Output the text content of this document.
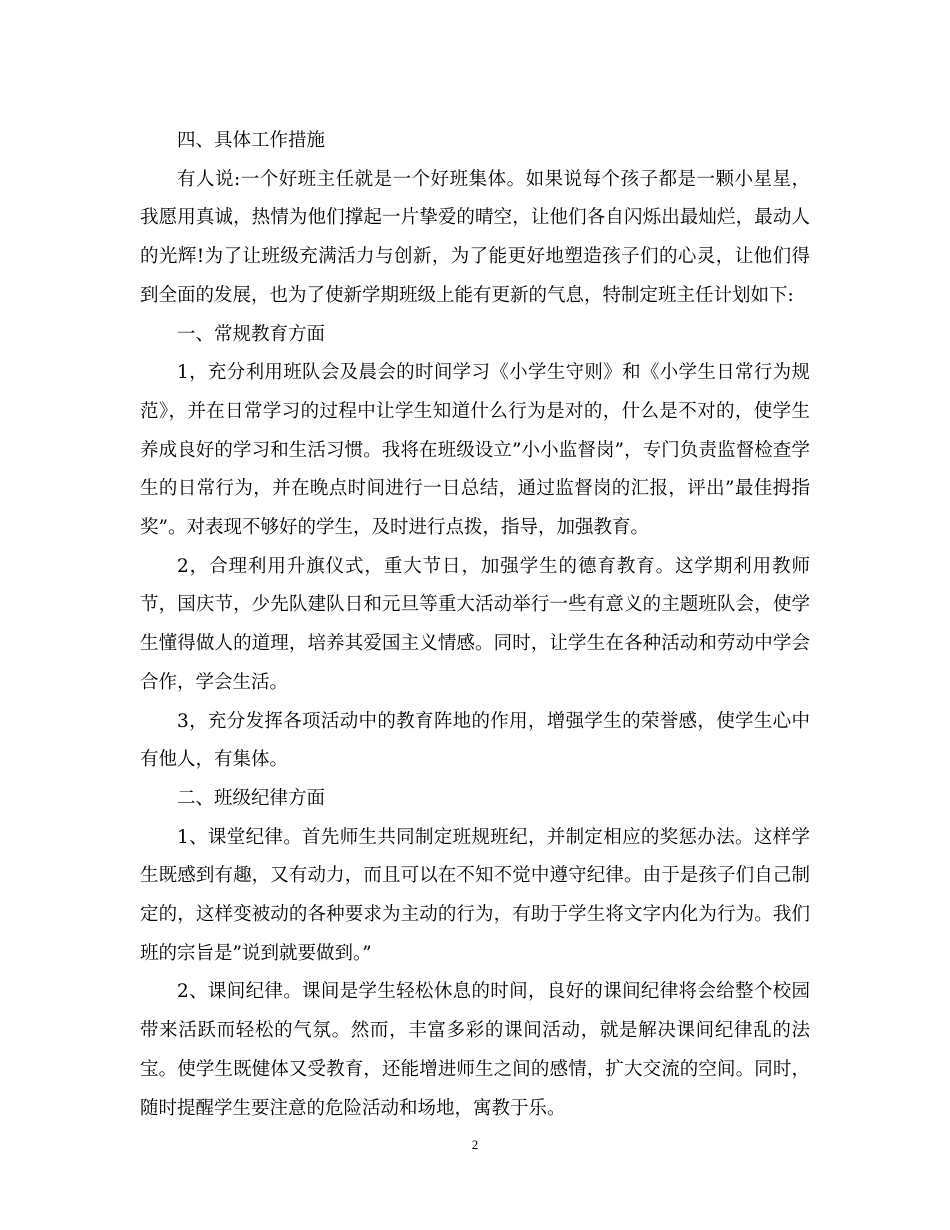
四、具体工作措施

有人说:一个好班主任就是一个好班集体。如果说每个孩子都是一颗小星星，我愿用真诚，热情为他们撑起一片挚爱的晴空，让他们各自闪烁出最灿烂，最动人的光辉!为了让班级充满活力与创新，为了能更好地塑造孩子们的心灵，让他们得到全面的发展，也为了使新学期班级上能有更新的气息，特制定班主任计划如下:

一、常规教育方面

1，充分利用班队会及晨会的时间学习《小学生守则》和《小学生日常行为规范》，并在日常学习的过程中让学生知道什么行为是对的，什么是不对的，使学生养成良好的学习和生活习惯。我将在班级设立”小小监督岗”，专门负责监督检查学生的日常行为，并在晚点时间进行一日总结，通过监督岗的汇报，评出”最佳拇指奖”。对表现不够好的学生，及时进行点拨，指导，加强教育。

2，合理利用升旗仪式，重大节日，加强学生的德育教育。这学期利用教师节，国庆节，少先队建队日和元旦等重大活动举行一些有意义的主题班队会，使学生懂得做人的道理，培养其爱国主义情感。同时，让学生在各种活动和劳动中学会合作，学会生活。

3，充分发挥各项活动中的教育阵地的作用，增强学生的荣誉感，使学生心中有他人，有集体。

二、班级纪律方面

1、课堂纪律。首先师生共同制定班规班纪，并制定相应的奖惩办法。这样学生既感到有趣，又有动力，而且可以在不知不觉中遵守纪律。由于是孩子们自己制定的，这样变被动的各种要求为主动的行为，有助于学生将文字内化为行为。我们班的宗旨是”说到就要做到。”

2、课间纪律。课间是学生轻松休息的时间，良好的课间纪律将会给整个校园带来活跃而轻松的气氛。然而，丰富多彩的课间活动，就是解决课间纪律乱的法宝。使学生既健体又受教育，还能增进师生之间的感情，扩大交流的空间。同时，随时提醒学生要注意的危险活动和场地，寓教于乐。

2
